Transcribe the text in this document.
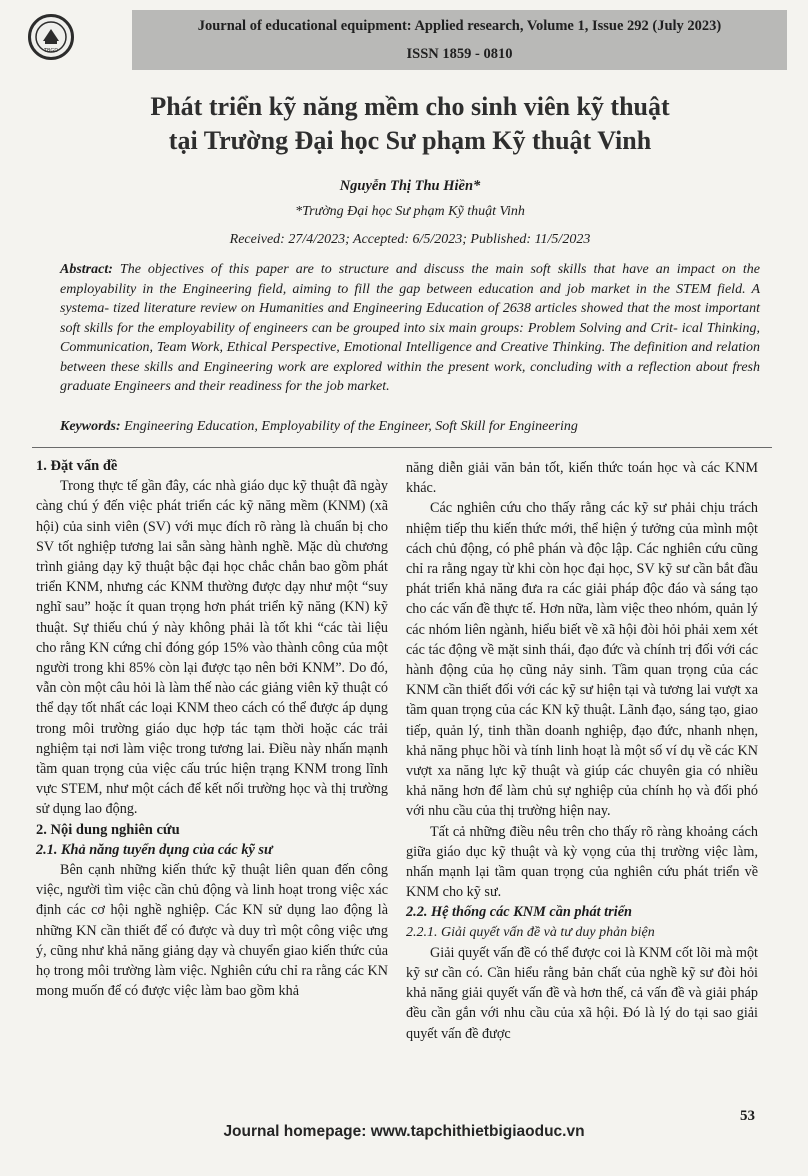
TBGD
Journal of educational equipment: Applied research, Volume 1, Issue 292 (July 2023)
ISSN 1859 - 0810
Phát triển kỹ năng mềm cho sinh viên kỹ thuật
tại Trường Đại học Sư phạm Kỹ thuật Vinh
Nguyễn Thị Thu Hiền*
*Trường Đại học Sư phạm Kỹ thuật Vinh
Received: 27/4/2023; Accepted: 6/5/2023; Published: 11/5/2023
Abstract: The objectives of this paper are to structure and discuss the main soft skills that have an impact on the employability in the Engineering field, aiming to fill the gap between education and job market in the STEM field. A systema- tized literature review on Humanities and Engineering Education of 2638 articles showed that the most important soft skills for the employability of engineers can be grouped into six main groups: Problem Solving and Crit- ical Thinking, Communication, Team Work, Ethical Perspective, Emotional Intelligence and Creative Thinking. The definition and relation between these skills and Engineering work are explored within the present work, concluding with a reflection about fresh graduate Engineers and their readiness for the job market.
Keywords: Engineering Education, Employability of the Engineer, Soft Skill for Engineering
1. Đặt vấn đề

Trong thực tế gần đây, các nhà giáo dục kỹ thuật đã ngày càng chú ý đến việc phát triển các kỹ năng mềm (KNM) (xã hội) của sinh viên (SV) với mục đích rõ ràng là chuẩn bị cho SV tốt nghiệp tương lai sẵn sàng hành nghề. Mặc dù chương trình giảng dạy kỹ thuật bậc đại học chắc chắn bao gồm phát triển KNM, nhưng các KNM thường được dạy như một “suy nghĩ sau” hoặc ít quan trọng hơn phát triển kỹ năng (KN) kỹ thuật. Sự thiếu chú ý này không phải là tốt khi “các tài liệu cho rằng KN cứng chỉ đóng góp 15% vào thành công của một người trong khi 85% còn lại được tạo nên bởi KNM”. Do đó, vẫn còn một câu hỏi là làm thế nào các giảng viên kỹ thuật có thể dạy tốt nhất các loại KNM theo cách có thể được áp dụng trong môi trường giáo dục hợp tác tạm thời hoặc các trải nghiệm tại nơi làm việc trong tương lai. Điều này nhấn mạnh tầm quan trọng của việc cấu trúc hiện trạng KNM trong lĩnh vực STEM, như một cách để kết nối trường học và thị trường sử dụng lao động.

2. Nội dung nghiên cứu
2.1. Khả năng tuyển dụng của các kỹ sư

Bên cạnh những kiến thức kỹ thuật liên quan đến công việc, người tìm việc cần chủ động và linh hoạt trong việc xác định các cơ hội nghề nghiệp. Các KN sử dụng lao động là những KN cần thiết để có được và duy trì một công việc ưng ý, cũng như khả năng giảng dạy và chuyển giao kiến thức của họ trong môi trường làm việc. Nghiên cứu chỉ ra rằng các KN mong muốn để có được việc làm bao gồm khả

năng diễn giải văn bản tốt, kiến thức toán học và các KNM khác.

Các nghiên cứu cho thấy rằng các kỹ sư phải chịu trách nhiệm tiếp thu kiến thức mới, thể hiện ý tưởng của mình một cách chủ động, có phê phán và độc lập. Các nghiên cứu cũng chỉ ra rằng ngay từ khi còn học đại học, SV kỹ sư cần bắt đầu phát triển khả năng đưa ra các giải pháp độc đáo và sáng tạo cho các vấn đề thực tế. Hơn nữa, làm việc theo nhóm, quản lý các nhóm liên ngành, hiểu biết về xã hội đòi hỏi phải xem xét các tác động về mặt sinh thái, đạo đức và chính trị đối với các hành động của họ cũng nảy sinh. Tầm quan trọng của các KNM cần thiết đối với các kỹ sư hiện tại và tương lai vượt xa tầm quan trọng của các KN kỹ thuật. Lãnh đạo, sáng tạo, giao tiếp, quản lý, tinh thần doanh nghiệp, đạo đức, nhanh nhẹn, khả năng phục hồi và tính linh hoạt là một số ví dụ về các KN vượt xa năng lực kỹ thuật và giúp các chuyên gia có nhiều khả năng hơn để làm chủ sự nghiệp của chính họ và đối phó với nhu cầu của thị trường hiện nay.

Tất cả những điều nêu trên cho thấy rõ ràng khoảng cách giữa giáo dục kỹ thuật và kỳ vọng của thị trường việc làm, nhấn mạnh lại tầm quan trọng của nghiên cứu phát triển về KNM cho kỹ sư.

2.2. Hệ thống các KNM cần phát triển
2.2.1. Giải quyết vấn đề và tư duy phản biện

Giải quyết vấn đề có thể được coi là KNM cốt lõi mà một kỹ sư cần có. Cần hiểu rằng bản chất của nghề kỹ sư đòi hỏi khả năng giải quyết vấn đề và hơn thế, cả vấn đề và giải pháp đều cần gắn với nhu cầu của xã hội. Đó là lý do tại sao giải quyết vấn đề được

53
Journal homepage: www.tapchithietbigiaoduc.vn
